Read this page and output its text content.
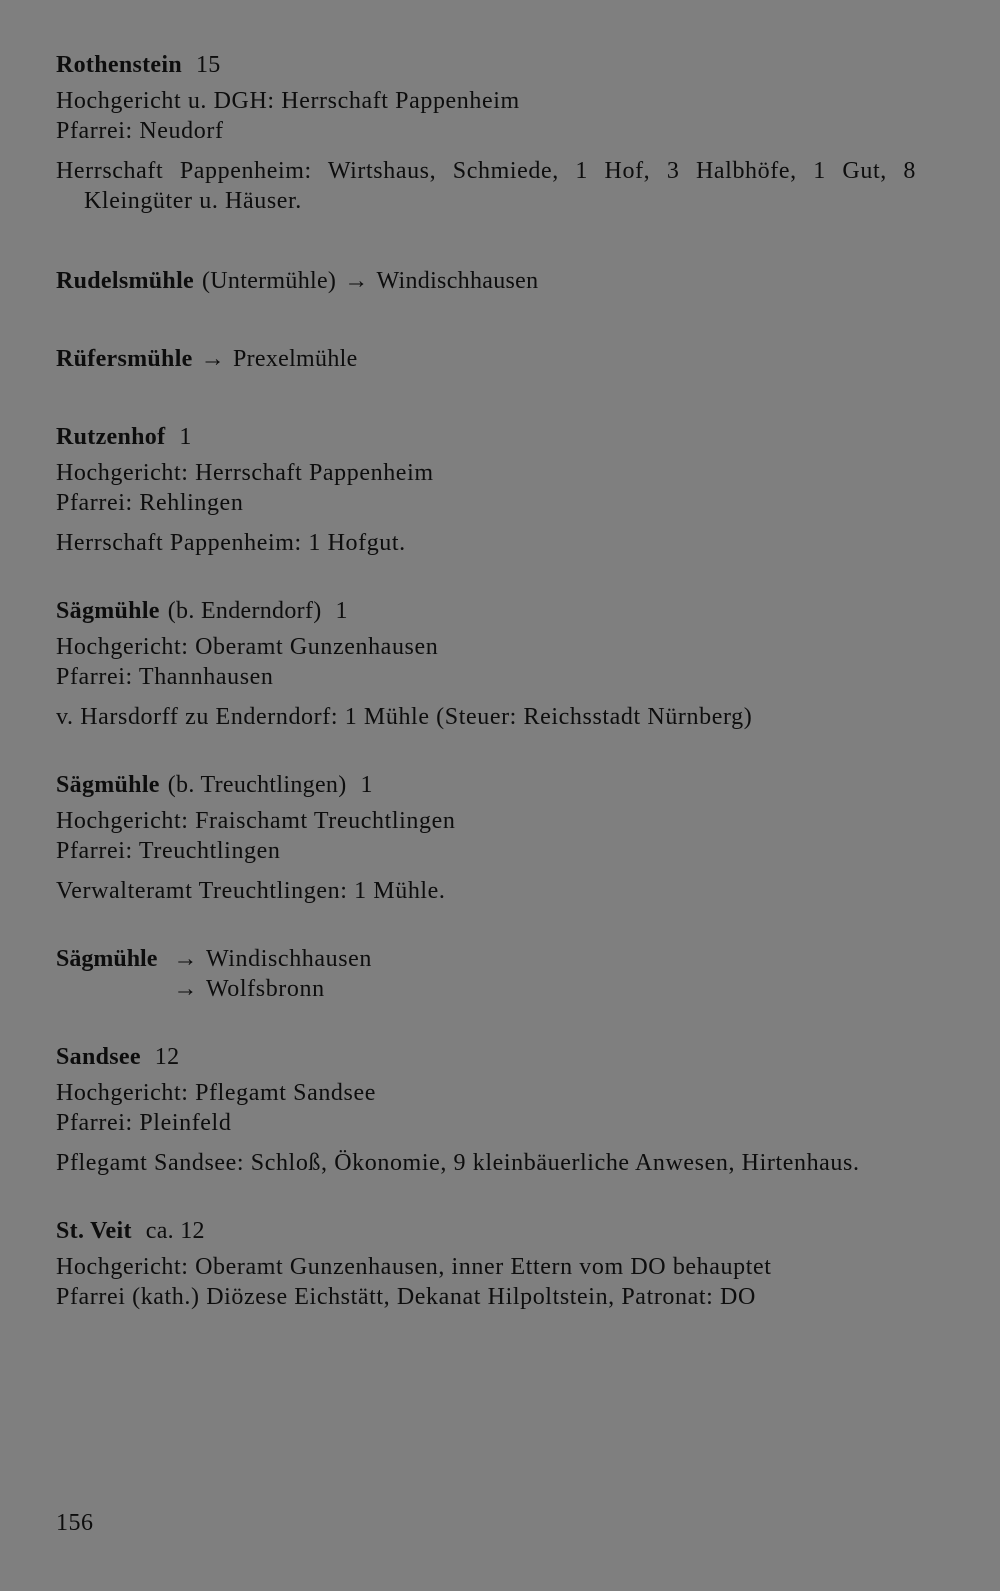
Rothenstein 15

Hochgericht u. DGH: Herrschaft Pappenheim

Pfarrei: Neudorf

Herrschaft Pappenheim: Wirtshaus, Schmiede, 1 Hof, 3 Halbhöfe, 1 Gut, 8 Kleingüter u. Häuser.

Rudelsmühle (Untermühle) → Windischhausen

Rüfersmühle → Prexelmühle

Rutzenhof 1

Hochgericht: Herrschaft Pappenheim

Pfarrei: Rehlingen

Herrschaft Pappenheim: 1 Hofgut.

Sägmühle (b. Enderndorf) 1

Hochgericht: Oberamt Gunzenhausen

Pfarrei: Thannhausen

v. Harsdorff zu Enderndorf: 1 Mühle (Steuer: Reichsstadt Nürnberg)

Sägmühle (b. Treuchtlingen) 1

Hochgericht: Fraischamt Treuchtlingen

Pfarrei: Treuchtlingen

Verwalteramt Treuchtlingen: 1 Mühle.

Sägmühle → Windischhausen
→ Wolfsbronn

Sandsee 12

Hochgericht: Pflegamt Sandsee

Pfarrei: Pleinfeld

Pflegamt Sandsee: Schloß, Ökonomie, 9 kleinbäuerliche Anwesen, Hirtenhaus.

St. Veit ca. 12

Hochgericht: Oberamt Gunzenhausen, inner Ettern vom DO behauptet

Pfarrei (kath.) Diözese Eichstätt, Dekanat Hilpoltstein, Patronat: DO

156
